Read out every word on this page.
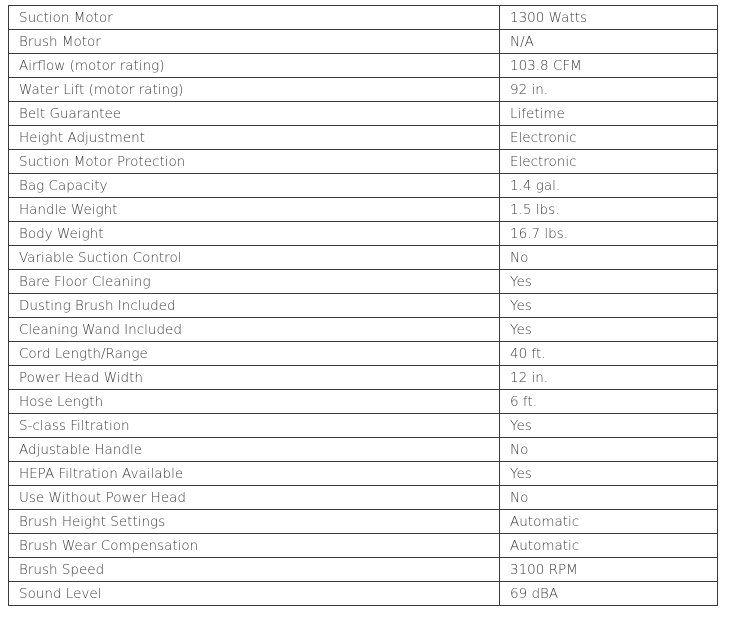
Suction Motor	1300 Watts
Brush Motor	N/A
Airflow (motor rating)	103.8 CFM
Water Lift (motor rating)	92 in.
Belt Guarantee	Lifetime
Height Adjustment	Electronic
Suction Motor Protection	Electronic
Bag Capacity	1.4 gal.
Handle Weight	1.5 lbs.
Body Weight	16.7 lbs.
Variable Suction Control	No
Bare Floor Cleaning	Yes
Dusting Brush Included	Yes
Cleaning Wand Included	Yes
Cord Length/Range	40 ft.
Power Head Width	12 in.
Hose Length	6 ft.
S-class Filtration	Yes
Adjustable Handle	No
HEPA Filtration Available	Yes
Use Without Power Head	No
Brush Height Settings	Automatic
Brush Wear Compensation	Automatic
Brush Speed	3100 RPM
Sound Level	69 dBA
